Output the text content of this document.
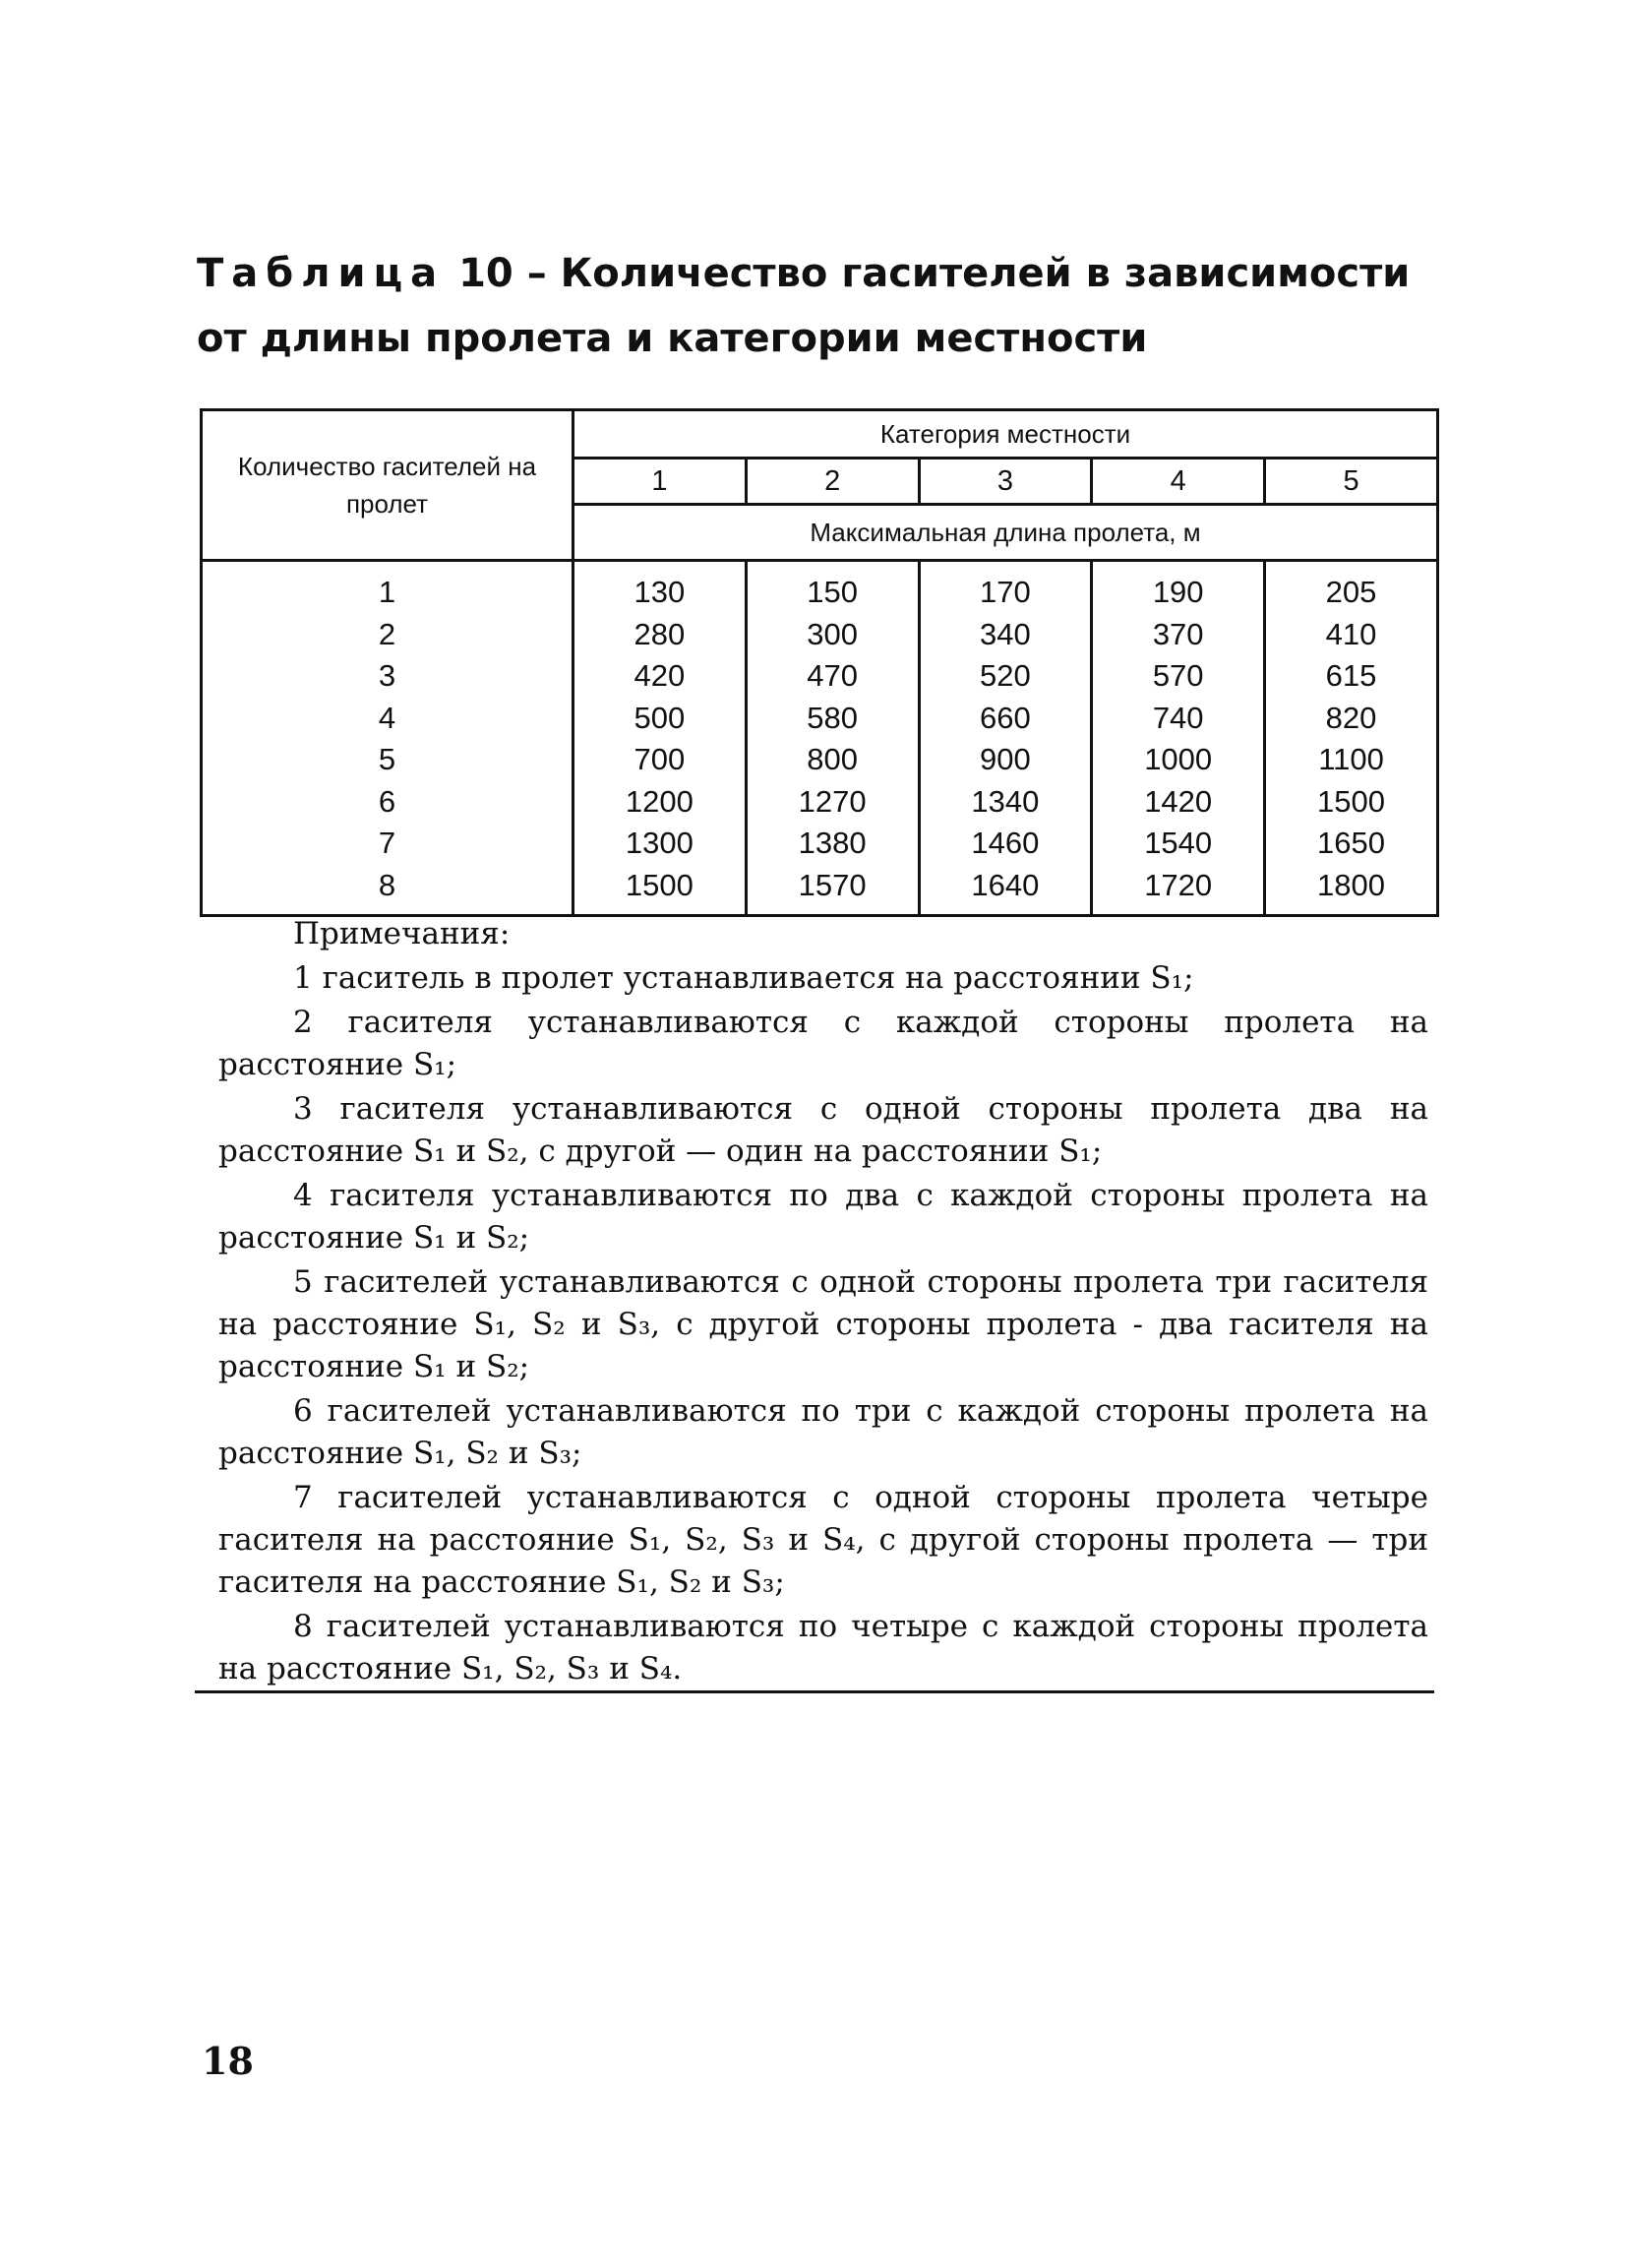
Таблица 10 – Количество гасителей в зависимости
от длины пролета и категории местности
Количество гасителей на пролет	Категория местности				
	1	2	3	4	5
	Максимальная длина пролета, м				
1	130	150	170	190	205
2	280	300	340	370	410
3	420	470	520	570	615
4	500	580	660	740	820
5	700	800	900	1000	1100
6	1200	1270	1340	1420	1500
7	1300	1380	1460	1540	1650
8	1500	1570	1640	1720	1800
Примечания:
1 гаситель в пролет устанавливается на расстоянии S₁;
2 гасителя устанавливаются с каждой стороны пролета на расстояние S₁;
3 гасителя устанавливаются с одной стороны пролета два на расстояние S₁ и S₂, с другой — один на расстоянии S₁;
4 гасителя устанавливаются по два с каждой стороны пролета на расстояние S₁ и S₂;
5 гасителей устанавливаются с одной стороны пролета три гасителя на расстояние S₁, S₂ и S₃, с другой стороны пролета - два гасителя на расстояние S₁ и S₂;
6 гасителей устанавливаются по три с каждой стороны пролета на расстояние S₁, S₂ и S₃;
7 гасителей устанавливаются с одной стороны пролета четыре гасителя на расстояние S₁, S₂, S₃ и S₄, с другой стороны пролета — три гасителя на расстояние S₁, S₂ и S₃;
8 гасителей устанавливаются по четыре с каждой стороны пролета на расстояние S₁, S₂, S₃ и S₄.
18
